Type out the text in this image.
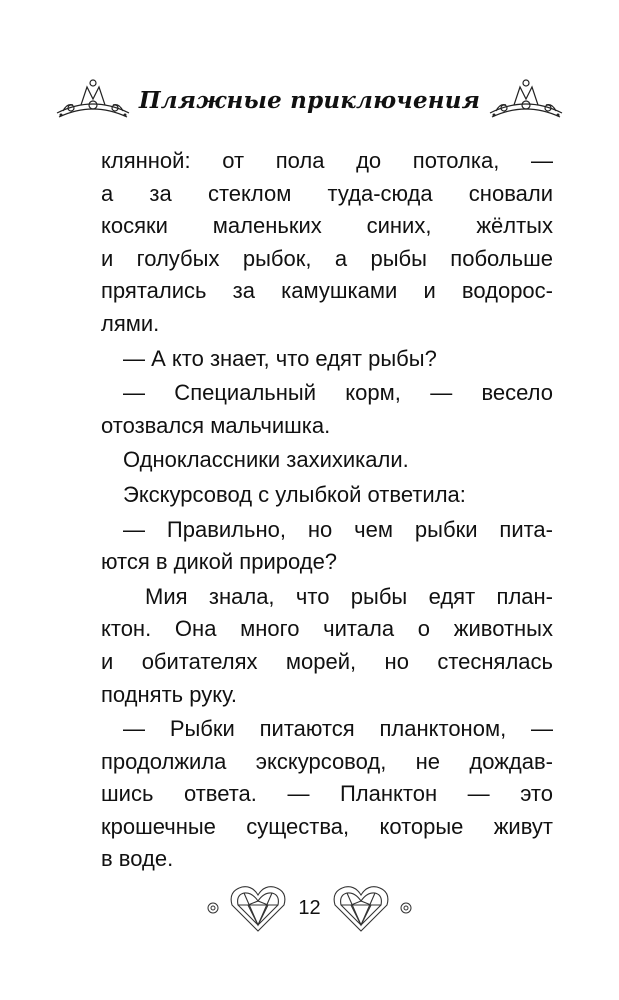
Пляжные приключения
клянной: от пола до потолка, —
а за стеклом туда-сюда сновали
косяки маленьких синих, жёлтых
и голубых рыбок, а рыбы побольше
прятались за камушками и водорос-
лями.
— А кто знает, что едят рыбы?
— Специальный корм, — весело
отозвался мальчишка.
Одноклассники захихикали.
Экскурсовод с улыбкой ответила:
— Правильно, но чем рыбки пита-
ются в дикой природе?
Мия знала, что рыбы едят план-
ктон. Она много читала о животных
и обитателях морей, но стеснялась
поднять руку.
— Рыбки питаются планктоном, —
продолжила экскурсовод, не дождав-
шись ответа. — Планктон — это
крошечные существа, которые живут
в воде.
12
